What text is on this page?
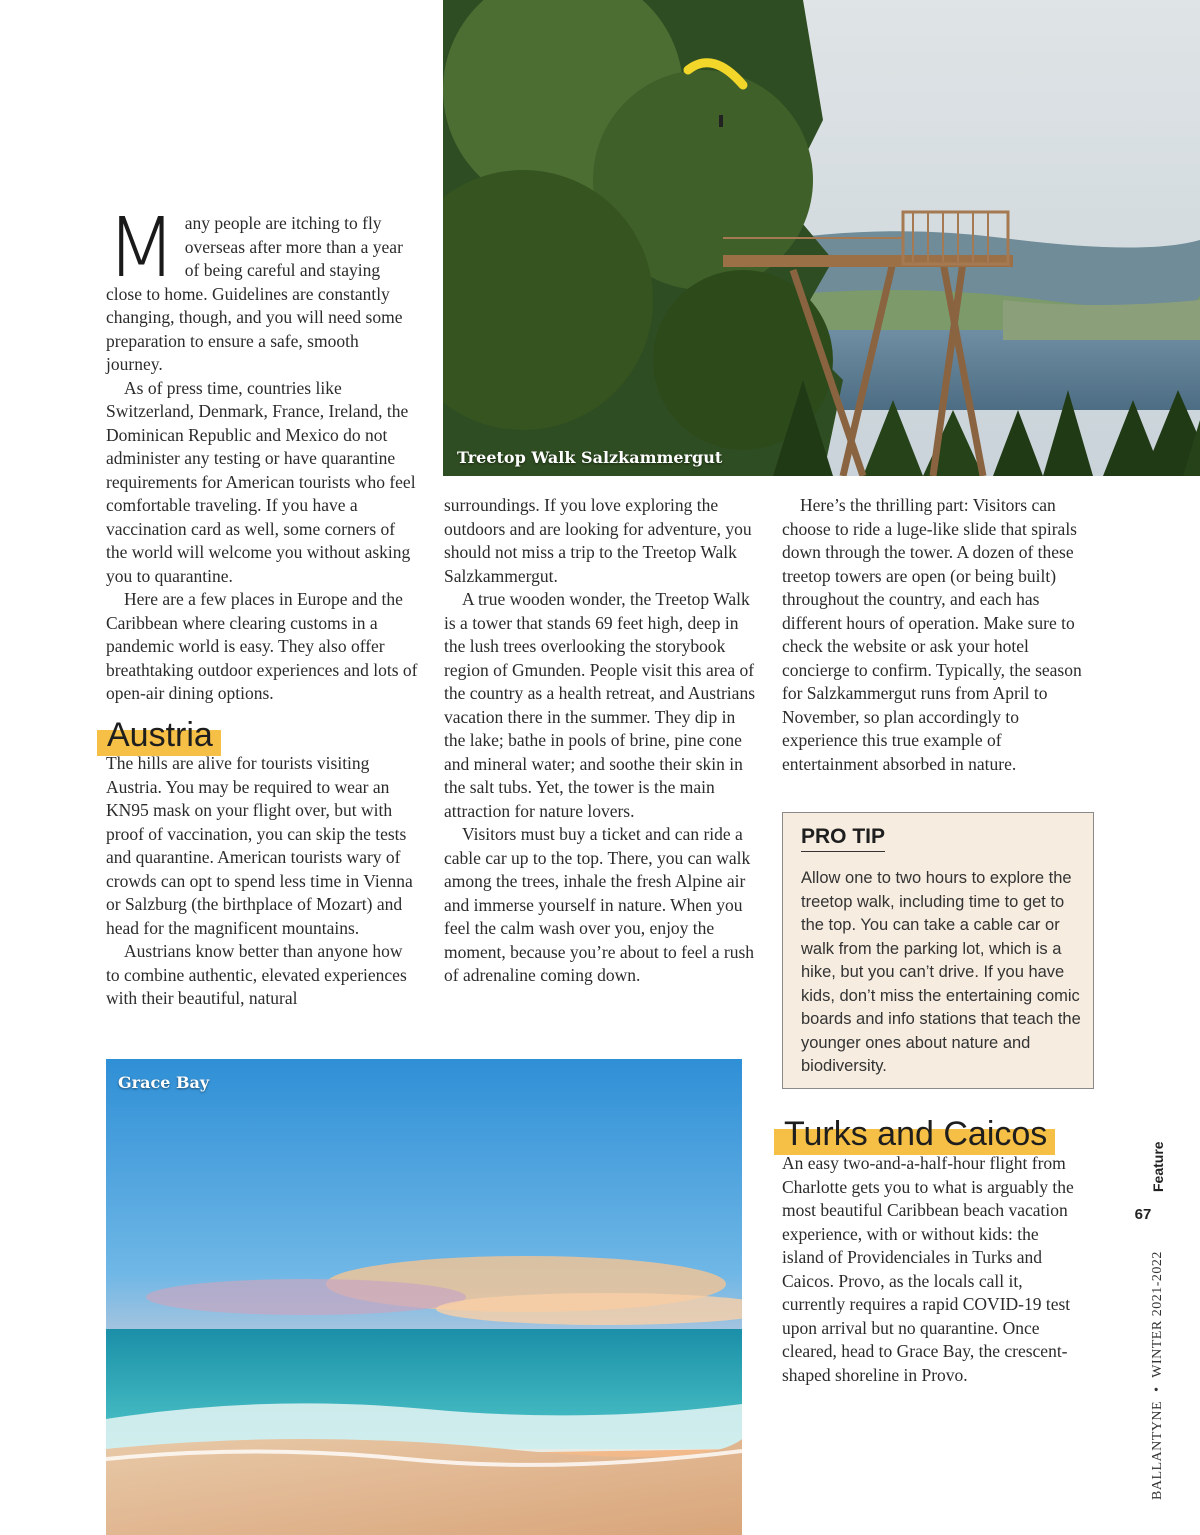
Treetop Walk Salzkammergut

Many people are itching to fly overseas after more than a year of being careful and staying close to home. Guidelines are constantly changing, though, and you will need some preparation to ensure a safe, smooth journey.

As of press time, countries like Switzerland, Denmark, France, Ireland, the Dominican Republic and Mexico do not administer any testing or have quarantine requirements for American tourists who feel comfortable traveling. If you have a vaccination card as well, some corners of the world will welcome you without asking you to quarantine.

Here are a few places in Europe and the Caribbean where clearing customs in a pandemic world is easy. They also offer breathtaking outdoor experiences and lots of open-air dining options.

Austria

The hills are alive for tourists visiting Austria. You may be required to wear an KN95 mask on your flight over, but with proof of vaccination, you can skip the tests and quarantine. American tourists wary of crowds can opt to spend less time in Vienna or Salzburg (the birthplace of Mozart) and head for the magnificent mountains.

Austrians know better than anyone how to combine authentic, elevated experiences with their beautiful, natural

surroundings. If you love exploring the outdoors and are looking for adventure, you should not miss a trip to the Treetop Walk Salzkammergut.

A true wooden wonder, the Treetop Walk is a tower that stands 69 feet high, deep in the lush trees overlooking the storybook region of Gmunden. People visit this area of the country as a health retreat, and Austrians vacation there in the summer. They dip in the lake; bathe in pools of brine, pine cone and mineral water; and soothe their skin in the salt tubs. Yet, the tower is the main attraction for nature lovers.

Visitors must buy a ticket and can ride a cable car up to the top. There, you can walk among the trees, inhale the fresh Alpine air and immerse yourself in nature. When you feel the calm wash over you, enjoy the moment, because you’re about to feel a rush of adrenaline coming down.

Here’s the thrilling part: Visitors can choose to ride a luge-like slide that spirals down through the tower. A dozen of these treetop towers are open (or being built) throughout the country, and each has different hours of operation. Make sure to check the website or ask your hotel concierge to confirm. Typically, the season for Salzkammergut runs from April to November, so plan accordingly to experience this true example of entertainment absorbed in nature.

PRO TIP
Allow one to two hours to explore the treetop walk, including time to get to the top. You can take a cable car or walk from the parking lot, which is a hike, but you can’t drive. If you have kids, don’t miss the entertaining comic boards and info stations that teach the younger ones about nature and biodiversity.
Grace Bay
Turks and Caicos

An easy two-and-a-half-hour flight from Charlotte gets you to what is arguably the most beautiful Caribbean beach vacation experience, with or without kids: the island of Providenciales in Turks and Caicos. Provo, as the locals call it, currently requires a rapid COVID-19 test upon arrival but no quarantine. Once cleared, head to Grace Bay, the crescent-shaped shoreline in Provo.

Feature
67
BALLANTYNE • WINTER 2021-2022
